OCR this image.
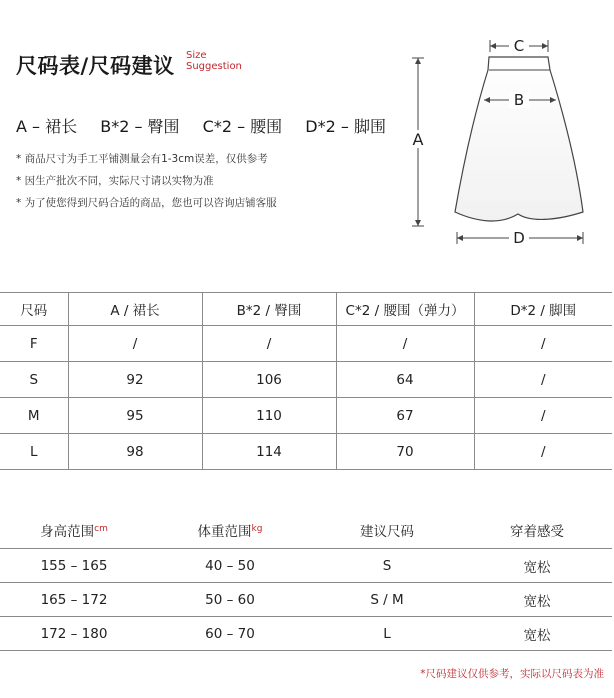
尺码表/尺码建议 Size
Suggestion
A – 裙长 B*2 – 臀围 C*2 – 腰围 D*2 – 脚围
* 商品尺寸为手工平铺测量会有1-3cm误差，仅供参考
* 因生产批次不同，实际尺寸请以实物为准
* 为了使您得到尺码合适的商品，您也可以咨询店铺客服
C
B
A
D
尺码	A / 裙长	B*2 / 臀围	C*2 / 腰围（弹力）	D*2 / 脚围
F	/	/	/	/
S	92	106	64	/
M	95	110	67	/
L	98	114	70	/
身高范围$^{cm}$	体重范围$^{kg}$	建议尺码	穿着感受
155 – 165	40 – 50	S	宽松
165 – 172	50 – 60	S / M	宽松
172 – 180	60 – 70	L	宽松
*尺码建议仅供参考，实际以尺码表为准
